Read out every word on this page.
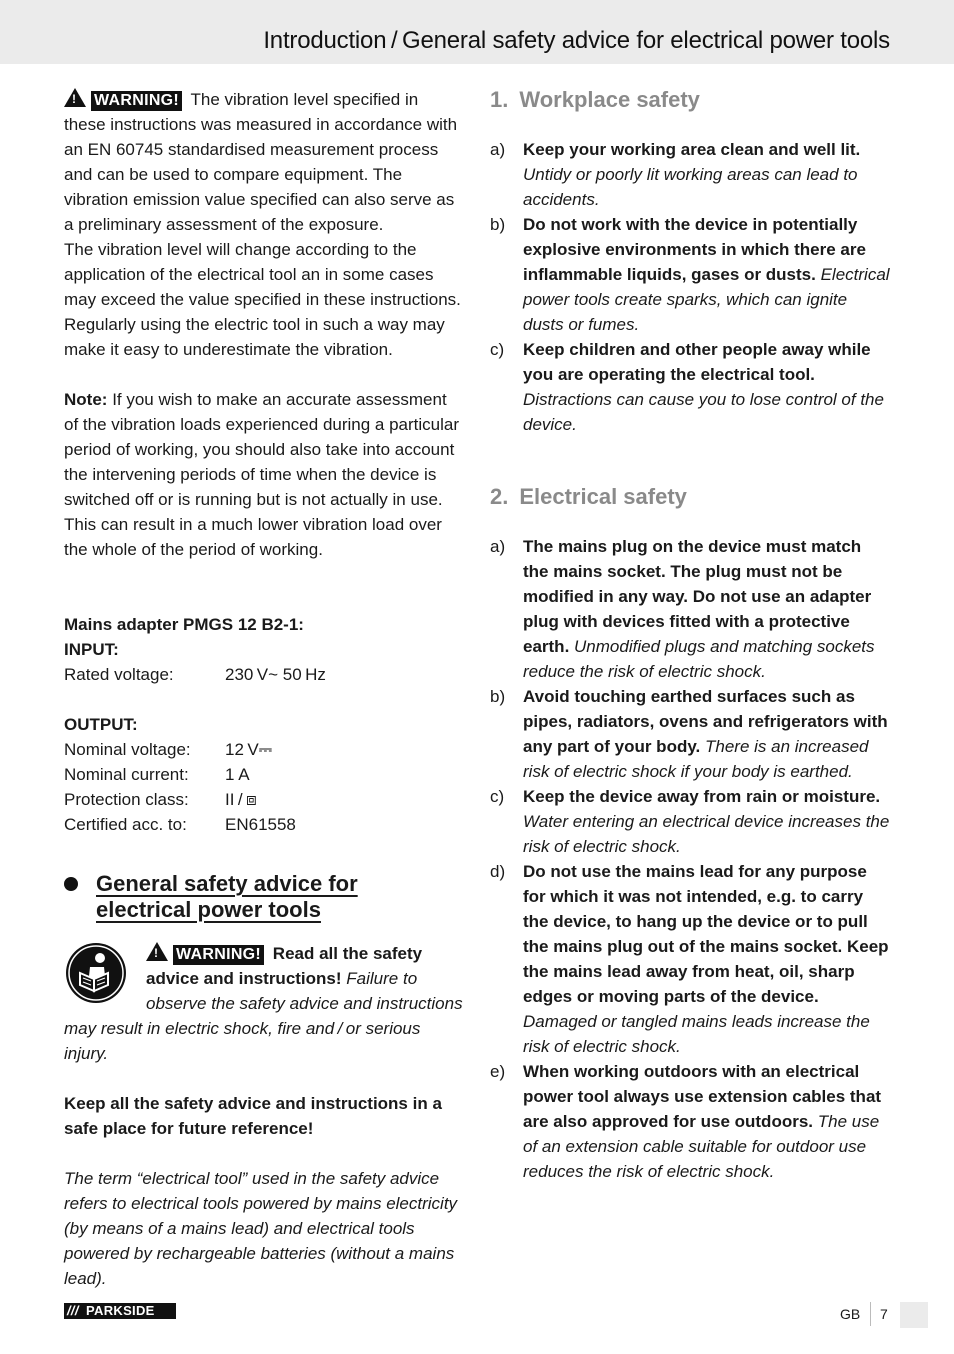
Introduction / General safety advice for electrical power tools

!WARNING! The vibration level specified in these instructions was measured in accordance with an EN 60745 standardised measurement process and can be used to compare equipment. The vibration emission value specified can also serve as a preliminary assessment of the exposure.

The vibration level will change according to the application of the electrical tool an in some cases may exceed the value specified in these instructions. Regularly using the electric tool in such a way may make it easy to underestimate the vibration.

Note: If you wish to make an accurate assessment of the vibration loads experienced during a particular period of working, you should also take into account the intervening periods of time when the device is switched off or is running but is not actually in use. This can result in a much lower vibration load over the whole of the period of working.

Mains adapter PMGS 12 B2-1:
INPUT:
Rated voltage:	230 V~ 50 Hz
OUTPUT:
Nominal voltage:	12 V⎓
Nominal current:	1 A
Protection class:	II / ⧈
Certified acc. to:	EN61558
General safety advice for
electrical power tools

!WARNING! Read all the safety advice and instructions! Failure to observe the safety advice and instructions may result in electric shock, fire and / or serious injury.

Keep all the safety advice and instructions in a safe place for future reference!

The term “electrical tool” used in the safety advice refers to electrical tools powered by mains electricity (by means of a mains lead) and electrical tools powered by rechargeable batteries (without a mains lead).

1. Workplace safety
a)	Keep your working area clean and well lit. Untidy or poorly lit working areas can lead to accidents.

b)	Do not work with the device in potentially explosive environments in which there are inflammable liquids, gases or dusts. Electrical power tools create sparks, which can ignite dusts or fumes.

c)	Keep children and other people away while you are operating the electrical tool. Distractions can cause you to lose control of the device.

2. Electrical safety
a)	The mains plug on the device must match the mains socket. The plug must not be modified in any way. Do not use an adapter plug with devices fitted with a protective earth. Unmodified plugs and matching sockets reduce the risk of electric shock.

b)	Avoid touching earthed surfaces such as pipes, radiators, ovens and refrigerators with any part of your body. There is an increased risk of electric shock if your body is earthed.

c)	Keep the device away from rain or moisture. Water entering an electrical device increases the risk of electric shock.

d)	Do not use the mains lead for any purpose for which it was not intended, e.g. to carry the device, to hang up the device or to pull the mains plug out of the mains socket. Keep the mains lead away from heat, oil, sharp edges or moving parts of the device. Damaged or tangled mains leads increase the risk of electric shock.

e)	When working outdoors with an electrical power tool always use extension cables that are also approved for use outdoors. The use of an extension cable suitable for outdoor use reduces the risk of electric shock.

/// PARKSIDE	GB 7
